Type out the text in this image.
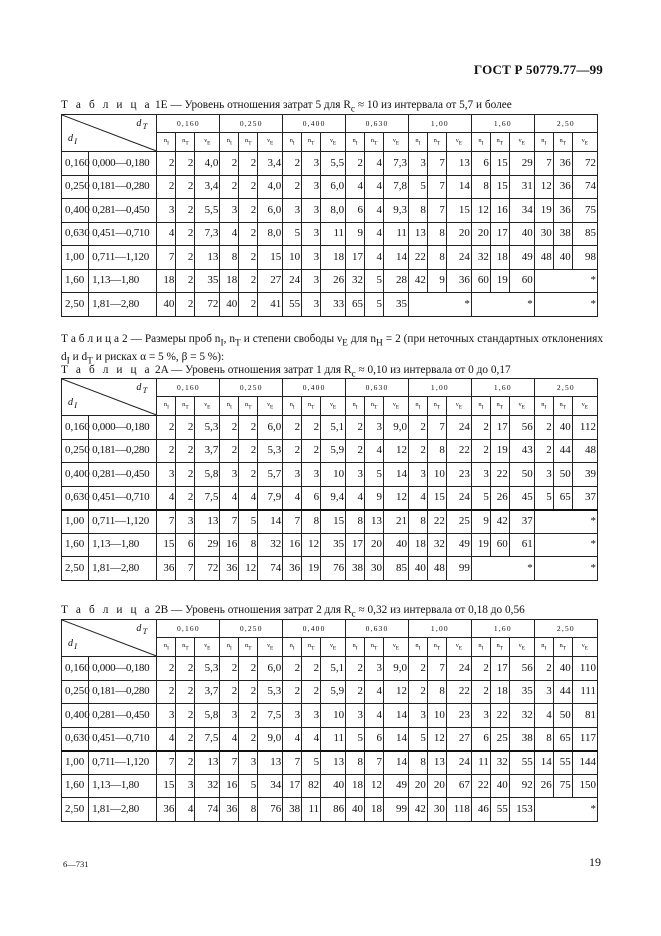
ГОСТ Р 50779.77—99
Т а б л и ц а 1E — Уровень отношения затрат 5 для $R_c \approx 10$ из интервала от 5,7 и более
$d_T$
$d_I$		0,160			0,250			0,400			0,630			1,00			1,60			2,50		
		$n_I$	$n_T$	$\nu_E$	$n_I$	$n_T$	$\nu_E$	$n_I$	$n_T$	$\nu_E$	$n_I$	$n_T$	$\nu_E$	$n_I$	$n_T$	$\nu_E$	$n_I$	$n_T$	$\nu_E$	$n_I$	$n_T$	$\nu_E$
0,160	0,000—0,180	2	2	4,0	2	2	3,4	2	3	5,5	2	4	7,3	3	7	13	6	15	29	7	36	72
0,250	0,181—0,280	2	2	3,4	2	2	4,0	2	3	6,0	4	4	7,8	5	7	14	8	15	31	12	36	74
0,400	0,281—0,450	3	2	5,5	3	2	6,0	3	3	8,0	6	4	9,3	8	7	15	12	16	34	19	36	75
0,630	0,451—0,710	4	2	7,3	4	2	8,0	5	3	11	9	4	11	13	8	20	20	17	40	30	38	85
1,00	0,711—1,120	7	2	13	8	2	15	10	3	18	17	4	14	22	8	24	32	18	49	48	40	98
1,60	1,13—1,80	18	2	35	18	2	27	24	3	26	32	5	28	42	9	36	60	19	60	*		
2,50	1,81—2,80	40	2	72	40	2	41	55	3	33	65	5	35	*			*			*		
Т а б л и ц а 2 — Размеры проб $n_I$, $n_T$ и степени свободы $\nu_E$ для $n_H = 2$ (при неточных стандартных отклонениях $d_I$ и $d_T$ и рисках α = 5 %, β = 5 %):
Т а б л и ц а 2A — Уровень отношения затрат 1 для $R_c \approx 0,10$ из интервала от 0 до 0,17
$d_T$
$d_I$		0,160			0,250			0,400			0,630			1,00			1,60			2,50		
		$n_I$	$n_T$	$\nu_E$	$n_I$	$n_T$	$\nu_E$	$n_I$	$n_T$	$\nu_E$	$n_I$	$n_T$	$\nu_E$	$n_I$	$n_T$	$\nu_E$	$n_I$	$n_T$	$\nu_E$	$n_I$	$n_T$	$\nu_E$
0,160	0,000—0,180	2	2	5,3	2	2	6,0	2	2	5,1	2	3	9,0	2	7	24	2	17	56	2	40	112
0,250	0,181—0,280	2	2	3,7	2	2	5,3	2	2	5,9	2	4	12	2	8	22	2	19	43	2	44	48
0,400	0,281—0,450	3	2	5,8	3	2	5,7	3	3	10	3	5	14	3	10	23	3	22	50	3	50	39
0,630	0,451—0,710	4	2	7,5	4	4	7,9	4	6	9,4	4	9	12	4	15	24	5	26	45	5	65	37
1,00	0,711—1,120	7	3	13	7	5	14	7	8	15	8	13	21	8	22	25	9	42	37	*		
1,60	1,13—1,80	15	6	29	16	8	32	16	12	35	17	20	40	18	32	49	19	60	61	*		
2,50	1,81—2,80	36	7	72	36	12	74	36	19	76	38	30	85	40	48	99	*			*		
Т а б л и ц а 2B — Уровень отношения затрат 2 для $R_c \approx 0,32$ из интервала от 0,18 до 0,56
$d_T$
$d_I$		0,160			0,250			0,400			0,630			1,00			1,60			2,50		
		$n_I$	$n_T$	$\nu_E$	$n_I$	$n_T$	$\nu_E$	$n_I$	$n_T$	$\nu_E$	$n_I$	$n_T$	$\nu_E$	$n_I$	$n_T$	$\nu_E$	$n_I$	$n_T$	$\nu_E$	$n_I$	$n_T$	$\nu_E$
0,160	0,000—0,180	2	2	5,3	2	2	6,0	2	2	5,1	2	3	9,0	2	7	24	2	17	56	2	40	110
0,250	0,181—0,280	2	2	3,7	2	2	5,3	2	2	5,9	2	4	12	2	8	22	2	18	35	3	44	111
0,400	0,281—0,450	3	2	5,8	3	2	7,5	3	3	10	3	4	14	3	10	23	3	22	32	4	50	81
0,630	0,451—0,710	4	2	7,5	4	2	9,0	4	4	11	5	6	14	5	12	27	6	25	38	8	65	117
1,00	0,711—1,120	7	2	13	7	3	13	7	5	13	8	7	14	8	13	24	11	32	55	14	55	144
1,60	1,13—1,80	15	3	32	16	5	34	17	82	40	18	12	49	20	20	67	22	40	92	26	75	150
2,50	1,81—2,80	36	4	74	36	8	76	38	11	86	40	18	99	42	30	118	46	55	153	*		
6—731	19
